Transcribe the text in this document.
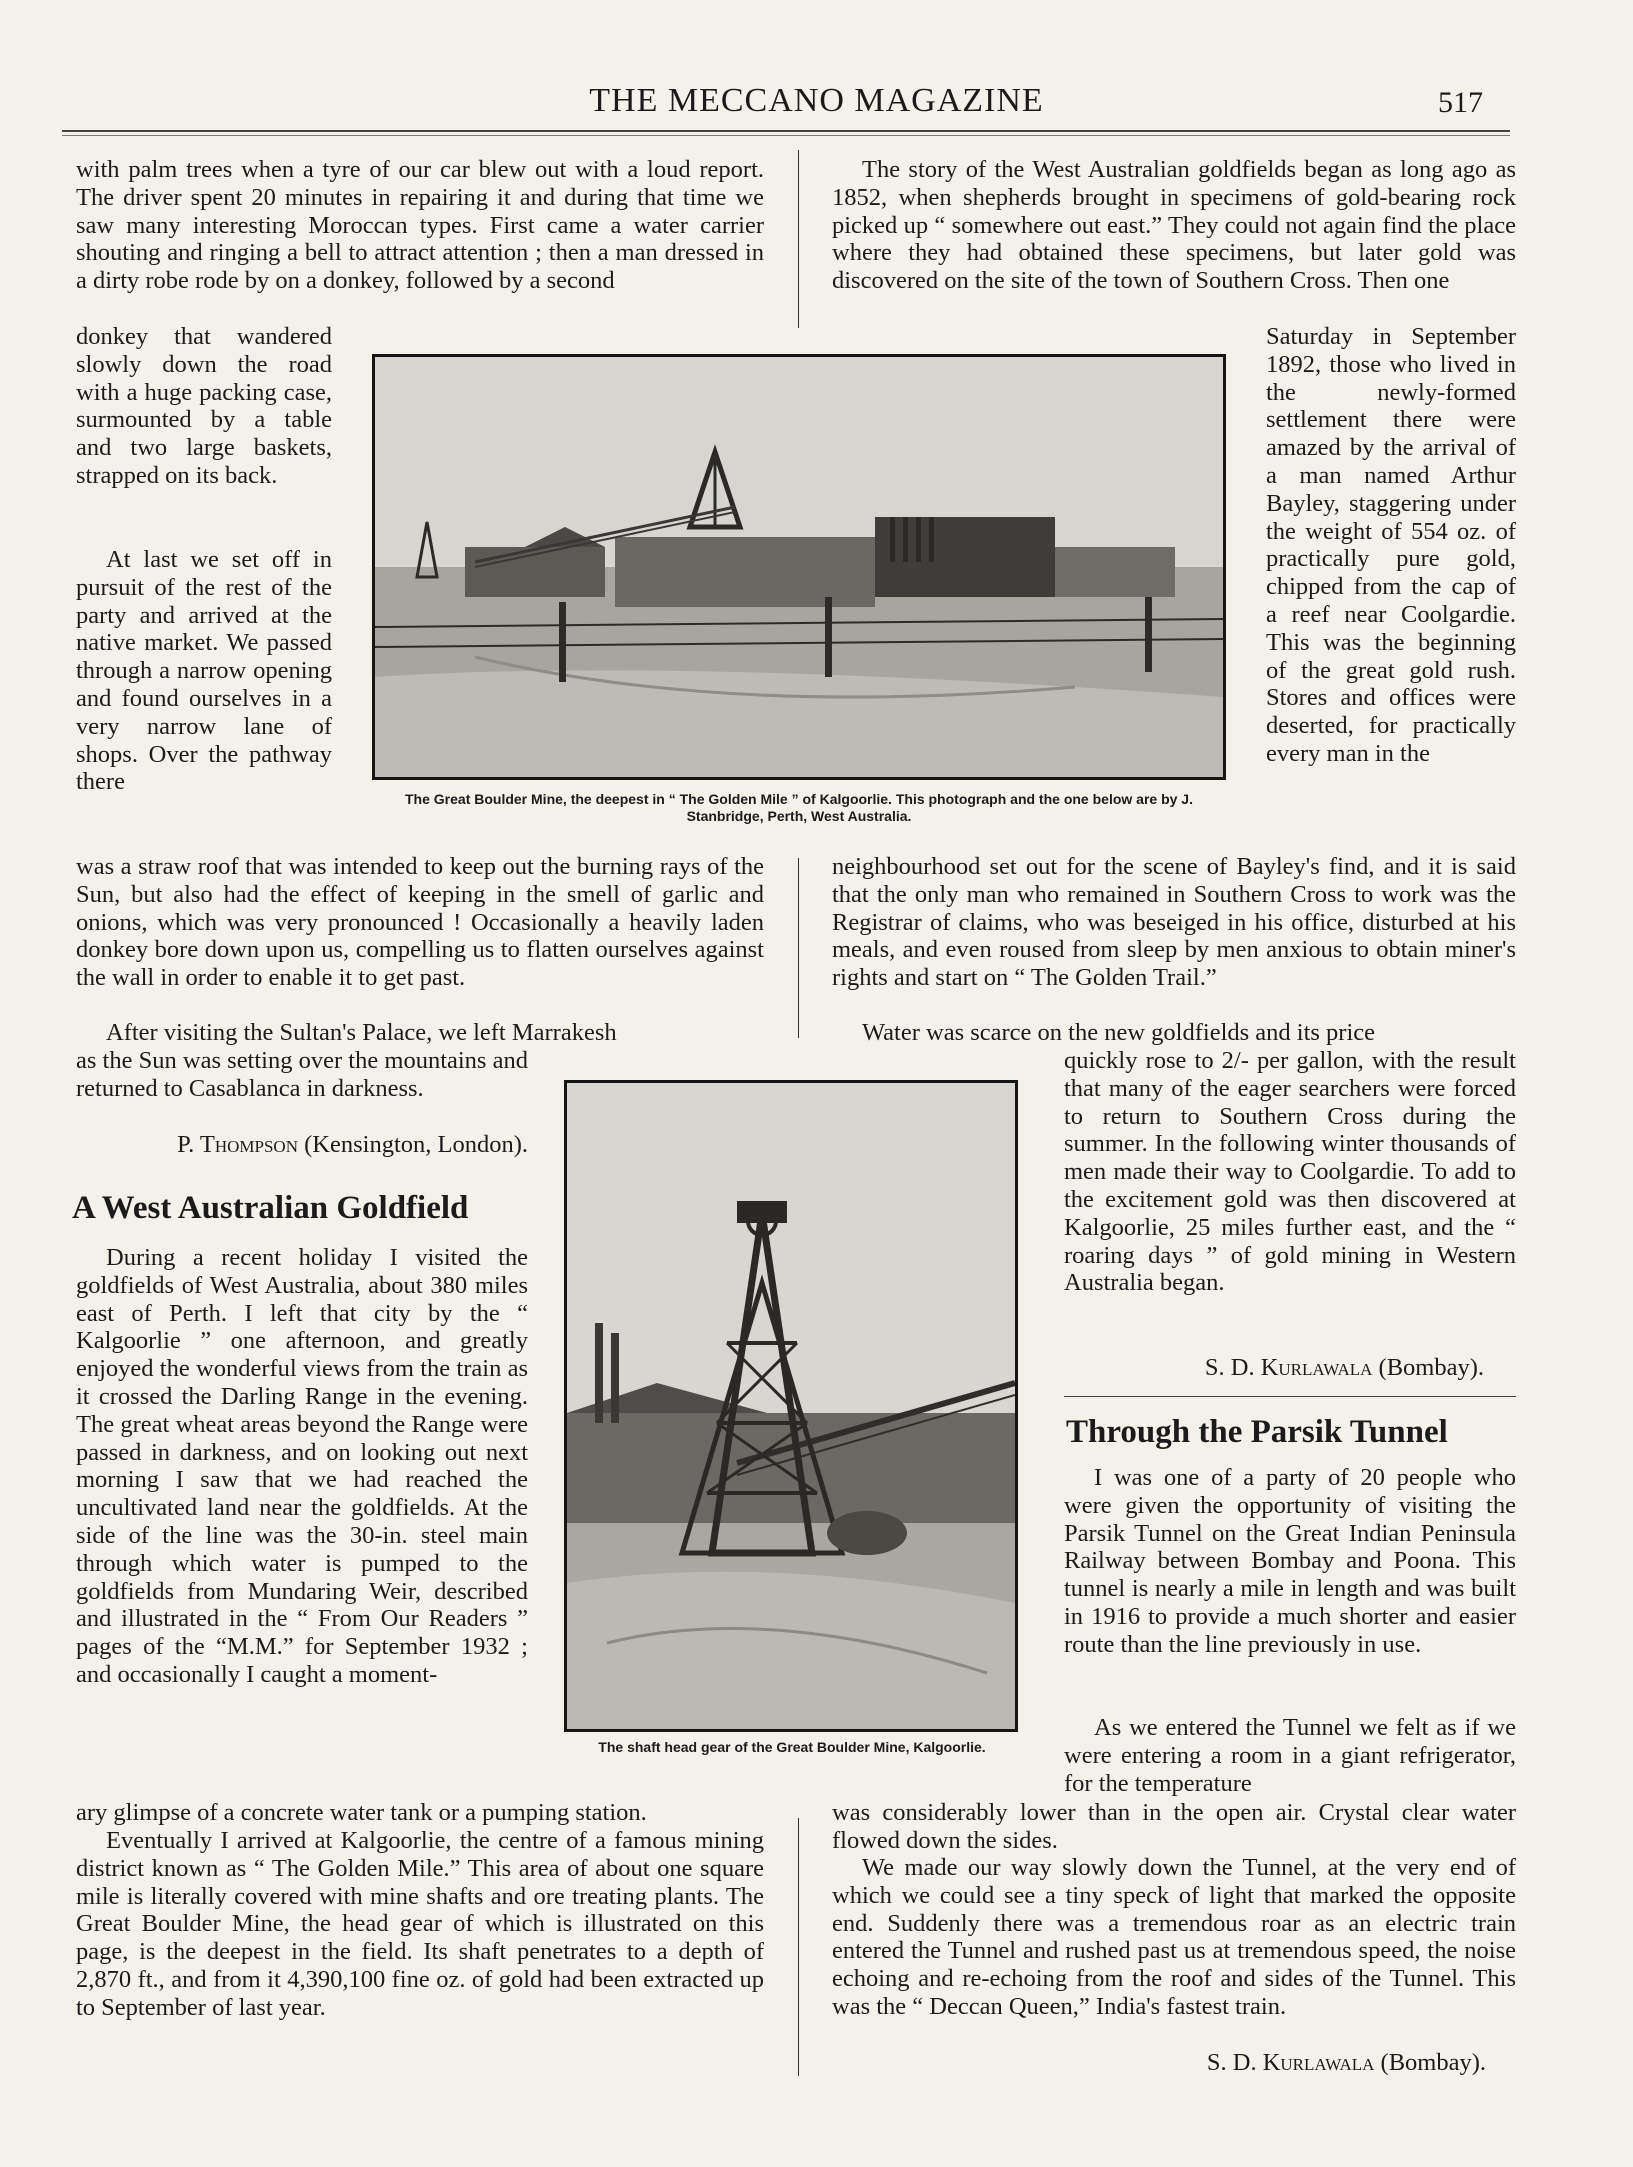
THE MECCANO MAGAZINE	517

with palm trees when a tyre of our car blew out with a loud report. The driver spent 20 minutes in repairing it and during that time we saw many interesting Moroccan types. First came a water carrier shouting and ringing a bell to attract attention ; then a man dressed in a dirty robe rode by on a donkey, followed by a second

donkey that wandered slowly down the road with a huge packing case, surmounted by a table and two large baskets, strapped on its back.

At last we set off in pursuit of the rest of the party and arrived at the native market. We passed through a narrow opening and found ourselves in a very narrow lane of shops. Over the pathway there

was a straw roof that was intended to keep out the burning rays of the Sun, but also had the effect of keeping in the smell of garlic and onions, which was very pronounced ! Occasionally a heavily laden donkey bore down upon us, compelling us to flatten ourselves against the wall in order to enable it to get past.

After visiting the Sultan's Palace, we left Marrakesh

as the Sun was setting over the mountains and returned to Casablanca in darkness.

P. Thompson (Kensington, London).

A West Australian Goldfield

During a recent holiday I visited the goldfields of West Australia, about 380 miles east of Perth. I left that city by the “ Kalgoorlie ” one afternoon, and greatly enjoyed the wonderful views from the train as it crossed the Darling Range in the evening. The great wheat areas beyond the Range were passed in darkness, and on looking out next morning I saw that we had reached the uncultivated land near the goldfields. At the side of the line was the 30-in. steel main through which water is pumped to the goldfields from Mundaring Weir, described and illustrated in the “ From Our Readers ” pages of the “M.M.” for September 1932 ; and occasionally I caught a moment-

ary glimpse of a concrete water tank or a pumping station.

Eventually I arrived at Kalgoorlie, the centre of a famous mining district known as “ The Golden Mile.” This area of about one square mile is literally covered with mine shafts and ore treating plants. The Great Boulder Mine, the head gear of which is illustrated on this page, is the deepest in the field. Its shaft penetrates to a depth of 2,870 ft., and from it 4,390,100 fine oz. of gold had been extracted up to September of last year.

The story of the West Australian goldfields began as long ago as 1852, when shepherds brought in specimens of gold-bearing rock picked up “ somewhere out east.” They could not again find the place where they had obtained these specimens, but later gold was discovered on the site of the town of Southern Cross. Then one

Saturday in September 1892, those who lived in the newly-formed settlement there were amazed by the arrival of a man named Arthur Bayley, staggering under the weight of 554 oz. of practically pure gold, chipped from the cap of a reef near Coolgardie. This was the beginning of the great gold rush. Stores and offices were deserted, for practically every man in the

neighbourhood set out for the scene of Bayley's find, and it is said that the only man who remained in Southern Cross to work was the Registrar of claims, who was beseiged in his office, disturbed at his meals, and even roused from sleep by men anxious to obtain miner's rights and start on “ The Golden Trail.”

Water was scarce on the new goldfields and its price

quickly rose to 2/- per gallon, with the result that many of the eager searchers were forced to return to Southern Cross during the summer. In the following winter thousands of men made their way to Coolgardie. To add to the excitement gold was then discovered at Kalgoorlie, 25 miles further east, and the “ roaring days ” of gold mining in Western Australia began.

S. D. Kurlawala (Bombay).

Through the Parsik Tunnel

I was one of a party of 20 people who were given the opportunity of visiting the Parsik Tunnel on the Great Indian Peninsula Railway between Bombay and Poona. This tunnel is nearly a mile in length and was built in 1916 to provide a much shorter and easier route than the line previously in use.

As we entered the Tunnel we felt as if we were entering a room in a giant refrigerator, for the temperature

was considerably lower than in the open air. Crystal clear water flowed down the sides.

We made our way slowly down the Tunnel, at the very end of which we could see a tiny speck of light that marked the opposite end. Suddenly there was a tremendous roar as an electric train entered the Tunnel and rushed past us at tremendous speed, the noise echoing and re-echoing from the roof and sides of the Tunnel. This was the “ Deccan Queen,” India's fastest train.

S. D. Kurlawala (Bombay).

The Great Boulder Mine, the deepest in “ The Golden Mile ” of Kalgoorlie. This photograph and the one below are by J. Stanbridge, Perth, West Australia.
The shaft head gear of the Great Boulder Mine, Kalgoorlie.
